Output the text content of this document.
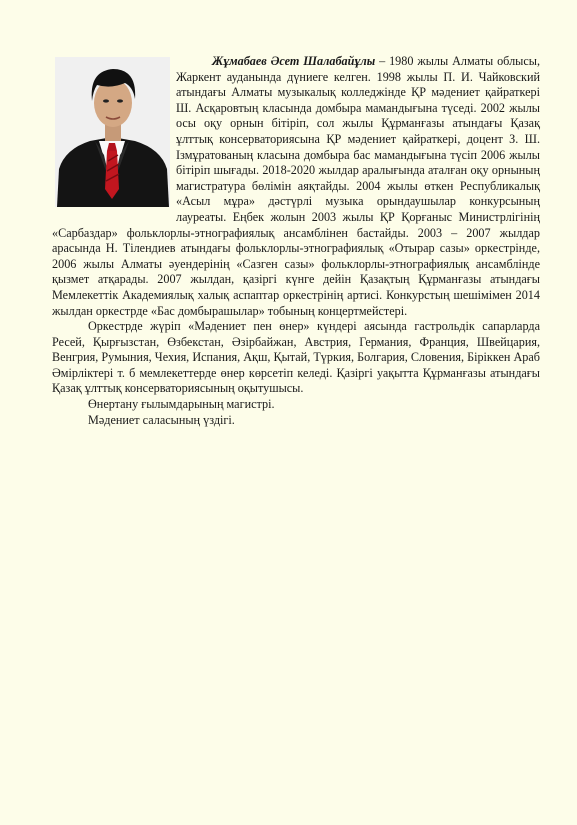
Жұмабаев Әсет Шалабайұлы – 1980 жылы Алматы облысы, Жаркент ауданында дүниеге келген. 1998 жылы П. И. Чайковский атындағы Алматы музыкалық колледжінде ҚР мәдениет қайраткері Ш. Асқаровтың класында домбыра мамандығына түседі. 2002 жылы осы оқу орнын бітіріп, сол жылы Құрманғазы атындағы Қазақ ұлттық консерваториясына ҚР мәдениет қайраткері, доцент З. Ш. Ізмұратованың класына домбыра бас мамандығына түсіп 2006 жылы бітіріп шығады. 2018-2020 жылдар аралығында аталған оқу орнының магистратура бөлімін аяқтайды. 2004 жылы өткен Республикалық «Асыл мұра» дәстүрлі музыка орындаушылар конкурсының лауреаты. Еңбек жолын 2003 жылы ҚР Қорғаныс Министрлігінің «Сарбаздар» фольклорлы-этнографиялық ансамблінен бастайды. 2003 – 2007 жылдар арасында Н. Тілендиев атындағы фольклорлы-этнографиялық «Отырар сазы» оркестрінде, 2006 жылы Алматы әуендерінің «Сазген сазы» фольклорлы-этнографиялық ансамблінде қызмет атқарады. 2007 жылдан, қазіргі күнге дейін Қазақтың Құрманғазы атындағы Мемлекеттік Академиялық халық аспаптар оркестрінің артисі. Конкурстың шешімімен 2014 жылдан оркестрде «Бас домбырашылар» тобының концертмейстері.

Оркестрде жүріп «Мәдениет пен өнер» күндері аясында гастрольдік сапарларда Ресей, Қырғызстан, Өзбекстан, Әзірбайжан, Австрия, Германия, Франция, Швейцария, Венгрия, Румыния, Чехия, Испания, Ақш, Қытай, Түркия, Болгария, Словения, Біріккен Араб Әмірліктері т. б мемлекеттерде өнер көрсетіп келеді. Қазіргі уақытта Құрманғазы атындағы Қазақ ұлттық консерваториясының оқытушысы.

Өнертану ғылымдарының магистрі.

Мәдениет саласының үздігі.
